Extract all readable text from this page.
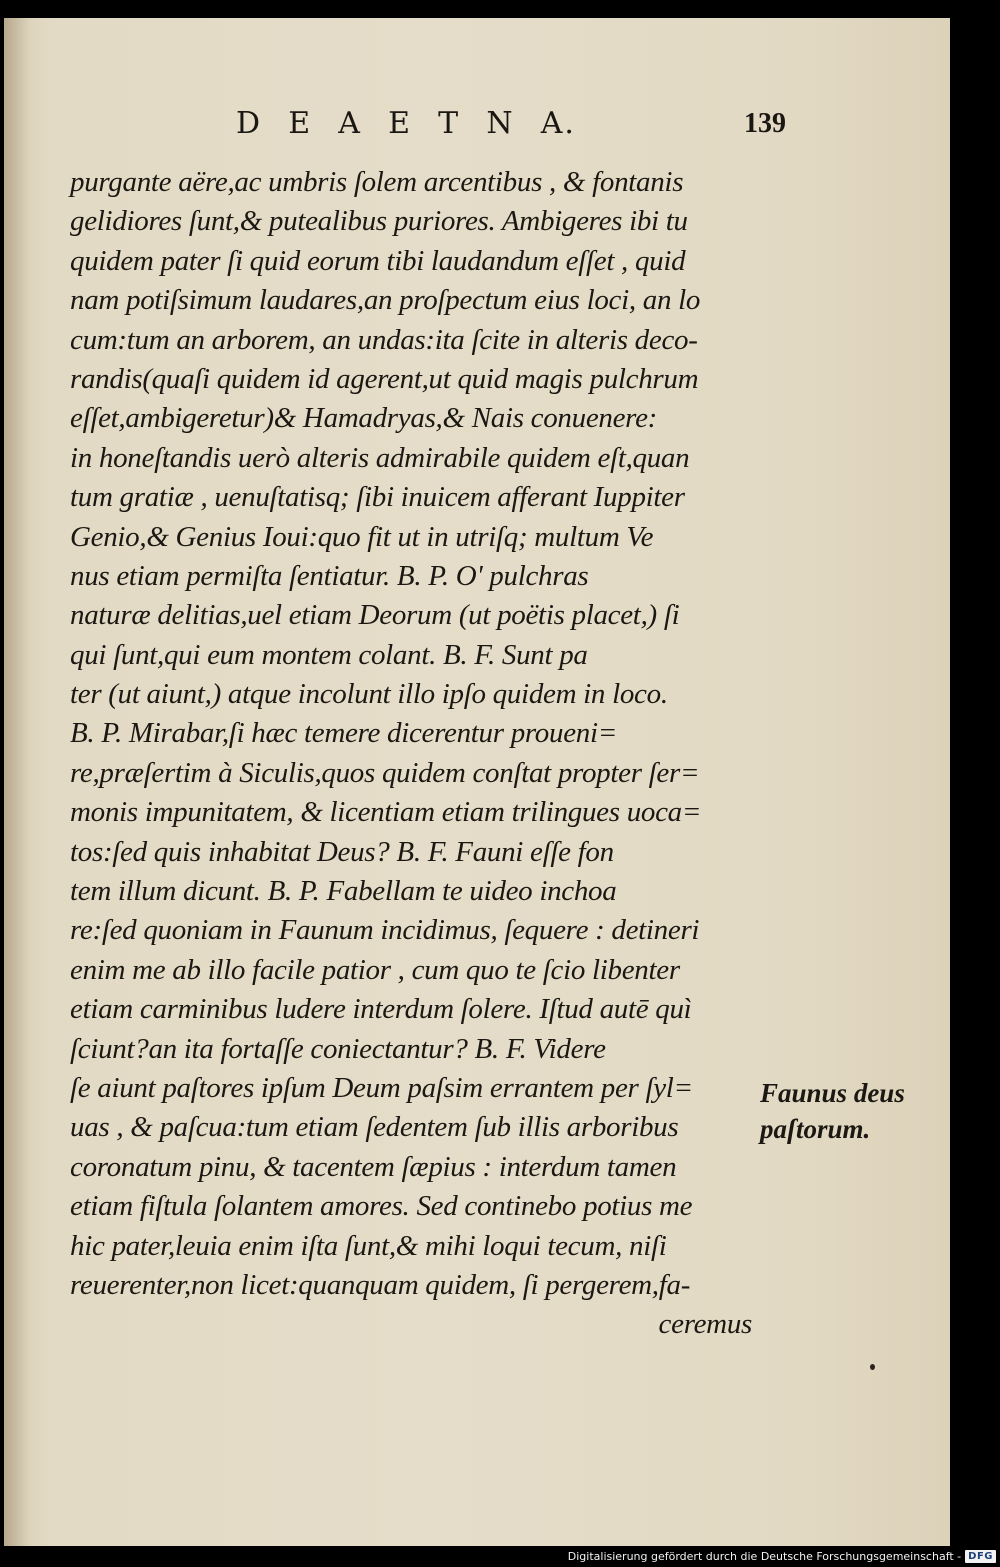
D E A E T N A.	139
purgante aëre,ac umbris ſolem arcentibus , & fontanis
gelidiores ſunt,& putealibus puriores. Ambigeres ibi tu
quidem pater ſi quid eorum tibi laudandum eſſet , quid
nam potiſsimum laudares,an proſpectum eius loci, an lo
cum:tum an arborem, an undas:ita ſcite in alteris deco-
randis(quaſi quidem id agerent,ut quid magis pulchrum
eſſet,ambigeretur)& Hamadryas,& Nais conuenere:
in honeſtandis uerò alteris admirabile quidem eſt,quan
tum gratiæ , uenuſtatisq; ſibi inuicem afferant Iuppiter
Genio,& Genius Ioui:quo fit ut in utriſq; multum Ve
nus etiam permiſta ſentiatur. B. P. O' pulchras
naturæ delitias,uel etiam Deorum (ut poëtis placet,) ſi
qui ſunt,qui eum montem colant. B. F. Sunt pa
ter (ut aiunt,) atque incolunt illo ipſo quidem in loco.
B. P. Mirabar,ſi hæc temere dicerentur proueni=
re,præſertim à Siculis,quos quidem conſtat propter ſer=
monis impunitatem, & licentiam etiam trilingues uoca=
tos:ſed quis inhabitat Deus? B. F. Fauni eſſe fon
tem illum dicunt. B. P. Fabellam te uideo inchoa
re:ſed quoniam in Faunum incidimus, ſequere : detineri
enim me ab illo facile patior , cum quo te ſcio libenter
etiam carminibus ludere interdum ſolere. Iſtud autē quì
ſciunt?an ita fortaſſe coniectantur? B. F. Videre
ſe aiunt paſtores ipſum Deum paſsim errantem per ſyl=
uas , & paſcua:tum etiam ſedentem ſub illis arboribus
coronatum pinu, & tacentem ſæpius : interdum tamen
etiam fiſtula ſolantem amores. Sed continebo potius me
hic pater,leuia enim iſta ſunt,& mihi loqui tecum, niſi
reuerenter,non licet:quanquam quidem, ſi pergerem,fa-
ceremus
Faunus deus
paſtorum.
Digitalisierung gefördert durch die Deutsche Forschungsgemeinschaft - DFG
